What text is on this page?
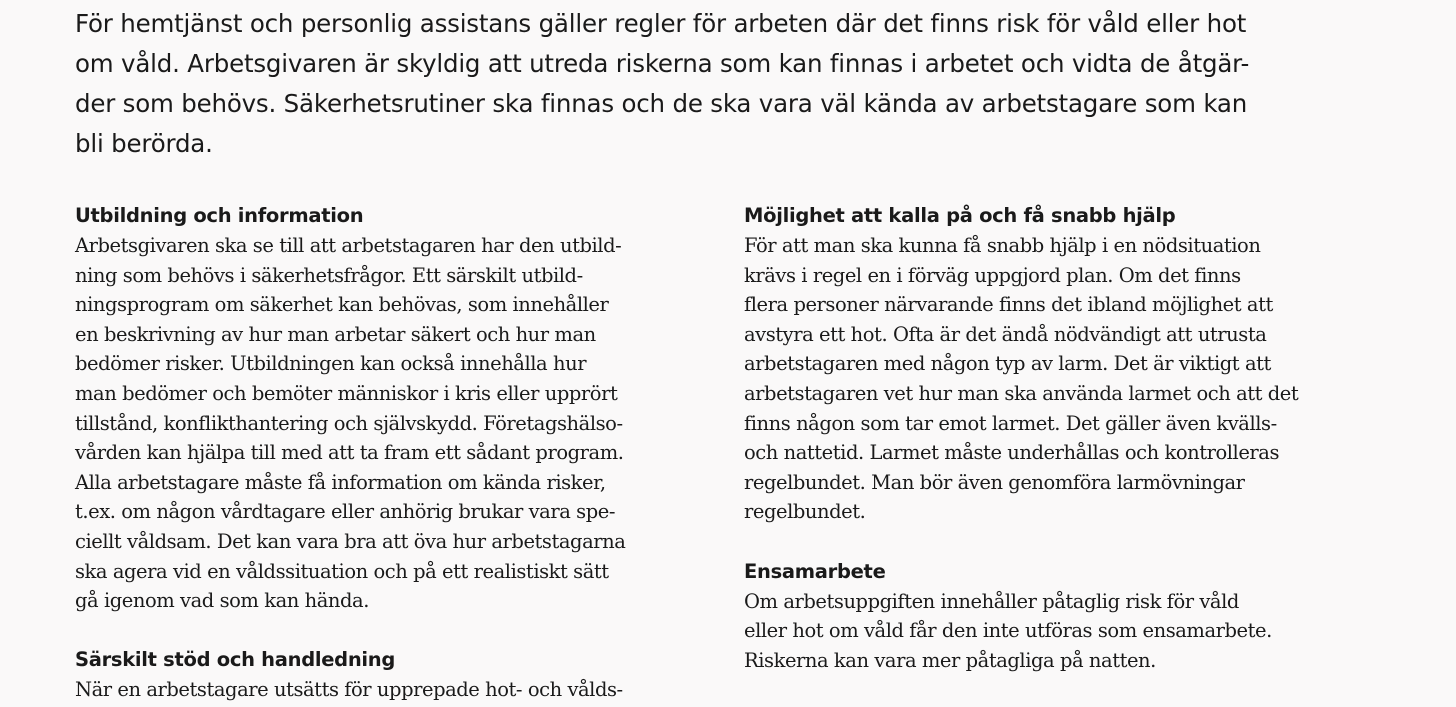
För hemtjänst och personlig assistans gäller regler för arbeten där det finns risk för våld eller hot
om våld. Arbetsgivaren är skyldig att utreda riskerna som kan finnas i arbetet och vidta de åtgär-
der som behövs. Säkerhetsrutiner ska finnas och de ska vara väl kända av arbetstagare som kan
bli berörda.
Utbildning och information
Arbetsgivaren ska se till att arbetstagaren har den utbild-
ning som behövs i säkerhetsfrågor. Ett särskilt utbild-
ningsprogram om säkerhet kan behövas, som innehåller
en beskrivning av hur man arbetar säkert och hur man
bedömer risker. Utbildningen kan också innehålla hur
man bedömer och bemöter människor i kris eller upprört
tillstånd, konflikthantering och självskydd. Företagshälso-
vården kan hjälpa till med att ta fram ett sådant program.
Alla arbetstagare måste få information om kända risker,
t.ex. om någon vårdtagare eller anhörig brukar vara spe-
ciellt våldsam. Det kan vara bra att öva hur arbetstagarna
ska agera vid en våldssituation och på ett realistiskt sätt
gå igenom vad som kan hända.
Särskilt stöd och handledning
När en arbetstagare utsätts för upprepade hot- och vålds-
Möjlighet att kalla på och få snabb hjälp
För att man ska kunna få snabb hjälp i en nödsituation
krävs i regel en i förväg uppgjord plan. Om det finns
flera personer närvarande finns det ibland möjlighet att
avstyra ett hot. Ofta är det ändå nödvändigt att utrusta
arbetstagaren med någon typ av larm. Det är viktigt att
arbetstagaren vet hur man ska använda larmet och att det
finns någon som tar emot larmet. Det gäller även kvälls-
och nattetid. Larmet måste underhållas och kontrolleras
regelbundet. Man bör även genomföra larmövningar
regelbundet.
Ensamarbete
Om arbetsuppgiften innehåller påtaglig risk för våld
eller hot om våld får den inte utföras som ensamarbete.
Riskerna kan vara mer påtagliga på natten.
